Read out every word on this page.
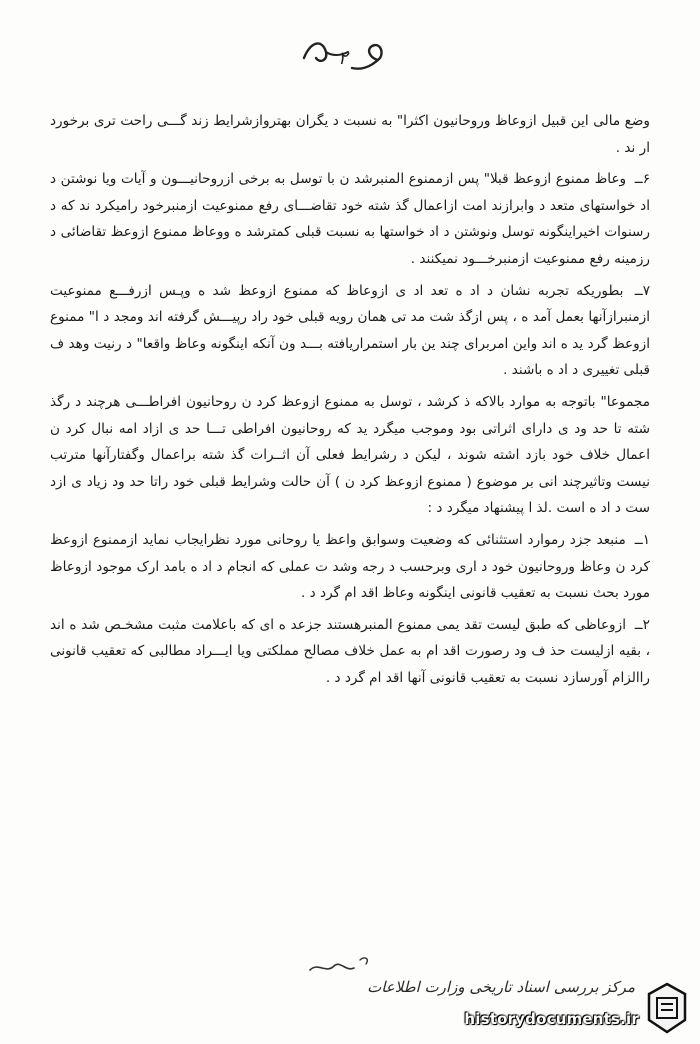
۲

وضع مالی این قبیل ازوعاظ وروحانیون اکثرا" به نسبت د یگران بهتروازشرایط زند گـــی راحت تری برخورد ار ند .

۶ــ وعاظ ممنوع ازوعظ قبلا" پس ازممنوع المنبرشد ن با توسل به برخی ازروحانیـــون و آیات ویا نوشتن د اد خواستهای متعد د وابرازند امت ازاعمال گذ شته خود تقاضـــای رفع ممنوعیت ازمنبرخود رامیکرد ند که د رسنوات اخیراینگونه توسل ونوشتن د اد خواستها به نسبت قبلی کمترشد ه ووعاظ ممنوع ازوعظ تقاضائی د رزمینه رفع ممنوعیت ازمنبرخـــود نمیکنند .

۷ــ بطوریکه تجربه نشان د اد ه تعد اد ی ازوعاظ که ممنوع ازوعظ شد ه وپـس ازرفـــع ممنوعیت ازمنبرازآنها بعمل آمد ه ، پس ازگذ شت مد تی همان رویه قبلی خود راد رپیـــش گرفته اند ومجد د ا" ممنوع ازوعظ گرد ید ه اند واین امربرای چند ین بار استمراریافته بـــد ون آنکه اینگونه وعاظ واقعا" د رنیت وهد ف قبلی تغییری د اد ه باشند .

مجموعا" باتوجه به موارد بالاکه ذ کرشد ، توسل به ممنوع ازوعظ کرد ن روحانیون افراطـــی هرچند د رگذ شته تا حد ود ی دارای اثراتی بود وموجب میگرد ید که روحانیون افراطی تـــا حد ی ازاد امه نبال کرد ن اعمال خلاف خود بازد اشته شوند ، لیکن د رشرایط فعلی آن اثــرات گذ شته براعمال وگفتارآنها مترتب نیست وتاثیرچند انی بر موضوع ( ممنوع ازوعظ کرد ن ) آن حالت وشرایط قبلی خود راتا حد ود زیاد ی ازد ست د اد ه است .لذ ا پیشنهاد میگرد د :

۱ــ منبعد جزد رموارد استثنائی که وضعیت وسوابق واعظ یا روحانی مورد نظرایجاب نماید ازممنوع ازوعظ کرد ن وعاظ وروحانیون خود د اری وبرحسب د رجه وشد ت عملی که انجام د اد ه بامد ارک موجود ازوعاظ مورد بحث نسبت به تعقیب قانونی اینگونه وعاظ اقد ام گرد د .

۲ــ ازوعاظی که طبق لیست تقد یمی ممنوع المنبرهستند جزعد ه ای که باعلامت مثبت مشخـص شد ه اند ، بقیه ازلیست حذ ف ود رصورت اقد ام به عمل خلاف مصالح مملکتی ویا ایـــراد مطالبی که تعقیب قانونی راالزام آورسازد نسبت به تعقیب قانونی آنها اقد ام گرد د .

مرکز بررسی اسناد تاریخی وزارت اطلاعات
historydocuments.ir
